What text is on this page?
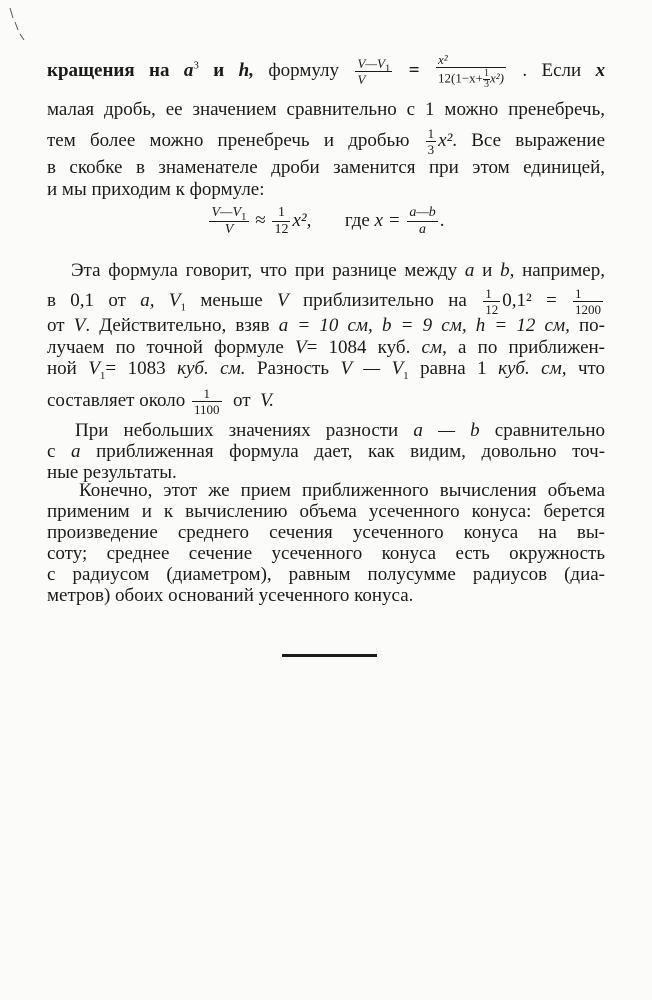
кращения на $a^3$ и h, формулу $\frac{V—V_1}{V} = \frac{\text{x²}}{12(1-x+ \frac{1}{3} x^2)}$ . Если x
малая дробь, ее значением сравнительно с 1 можно пренебречь,
тем более можно пренебречь и дробью $\frac{1}{3} x^2$. Все выражение
в скобке в знаменателе дроби заменится при этом единицей,
и мы приходим к формуле:
$\frac{V—V_1}{V} \approx \frac{1}{12} x^2$, где $x = \frac{a—b}{a}$ .
Эта формула говорит, что при разнице между a и b, например,
в 0,1 от a, $V_1$ меньше V приблизительно на $\frac{1}{12} 0,1^2 = \frac{1}{1200}$
от V. Действительно, взяв a = 10 см, b = 9 см, h = 12 см, по-
лучаем по точной формуле V= 1084 куб. см, а по приближен-
ной $V_1= 1083$ куб. см. Разность V — $V_1$ равна 1 куб. см, что
составляет около $\frac{1}{1100}$ от V.
При небольших значениях разности a — b сравнительно
с a приближенная формула дает, как видим, довольно точ-
ные результаты.
Конечно, этот же прием приближенного вычисления объема
применим и к вычислению объема усеченного конуса: берется
произведение среднего сечения усеченного конуса на вы-
соту; среднее сечение усеченного конуса есть окружность
с радиусом (диаметром), равным полусумме радиусов (диа-
метров) обоих оснований усеченного конуса.
